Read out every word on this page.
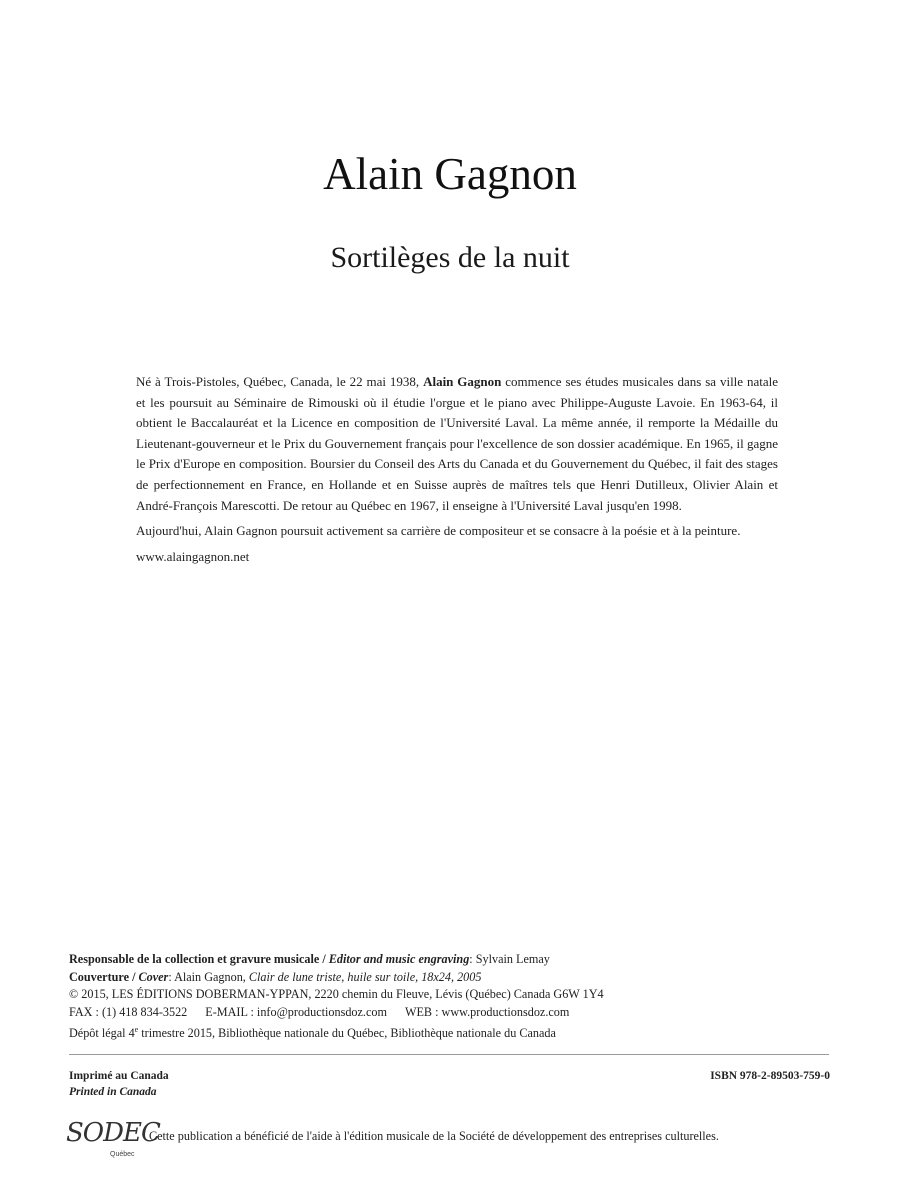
Alain Gagnon
Sortilèges de la nuit

Né à Trois-Pistoles, Québec, Canada, le 22 mai 1938, Alain Gagnon commence ses études musicales dans sa ville natale et les poursuit au Séminaire de Rimouski où il étudie l'orgue et le piano avec Philippe-Auguste Lavoie. En 1963-64, il obtient le Baccalauréat et la Licence en composition de l'Université Laval. La même année, il remporte la Médaille du Lieutenant-gouverneur et le Prix du Gouvernement français pour l'excellence de son dossier académique. En 1965, il gagne le Prix d'Europe en composition. Boursier du Conseil des Arts du Canada et du Gouvernement du Québec, il fait des stages de perfectionnement en France, en Hollande et en Suisse auprès de maîtres tels que Henri Dutilleux, Olivier Alain et André-François Marescotti. De retour au Québec en 1967, il enseigne à l'Université Laval jusqu'en 1998.

Aujourd'hui, Alain Gagnon poursuit activement sa carrière de compositeur et se consacre à la poésie et à la peinture.

www.alaingagnon.net

Responsable de la collection et gravure musicale / Editor and music engraving: Sylvain Lemay
Couverture / Cover: Alain Gagnon, Clair de lune triste, huile sur toile, 18x24, 2005
© 2015, LES ÉDITIONS DOBERMAN-YPPAN, 2220 chemin du Fleuve, Lévis (Québec) Canada G6W 1Y4
FAX : (1) 418 834-3522 E-MAIL : info@productionsdoz.com WEB : www.productionsdoz.com
Dépôt légal 4e trimestre 2015, Bibliothèque nationale du Québec, Bibliothèque nationale du Canada
Imprimé au Canada
Printed in Canada
ISBN 978-2-89503-759-0
SODEC
Québec
Cette publication a bénéficié de l'aide à l'édition musicale de la Société de développement des entreprises culturelles.
